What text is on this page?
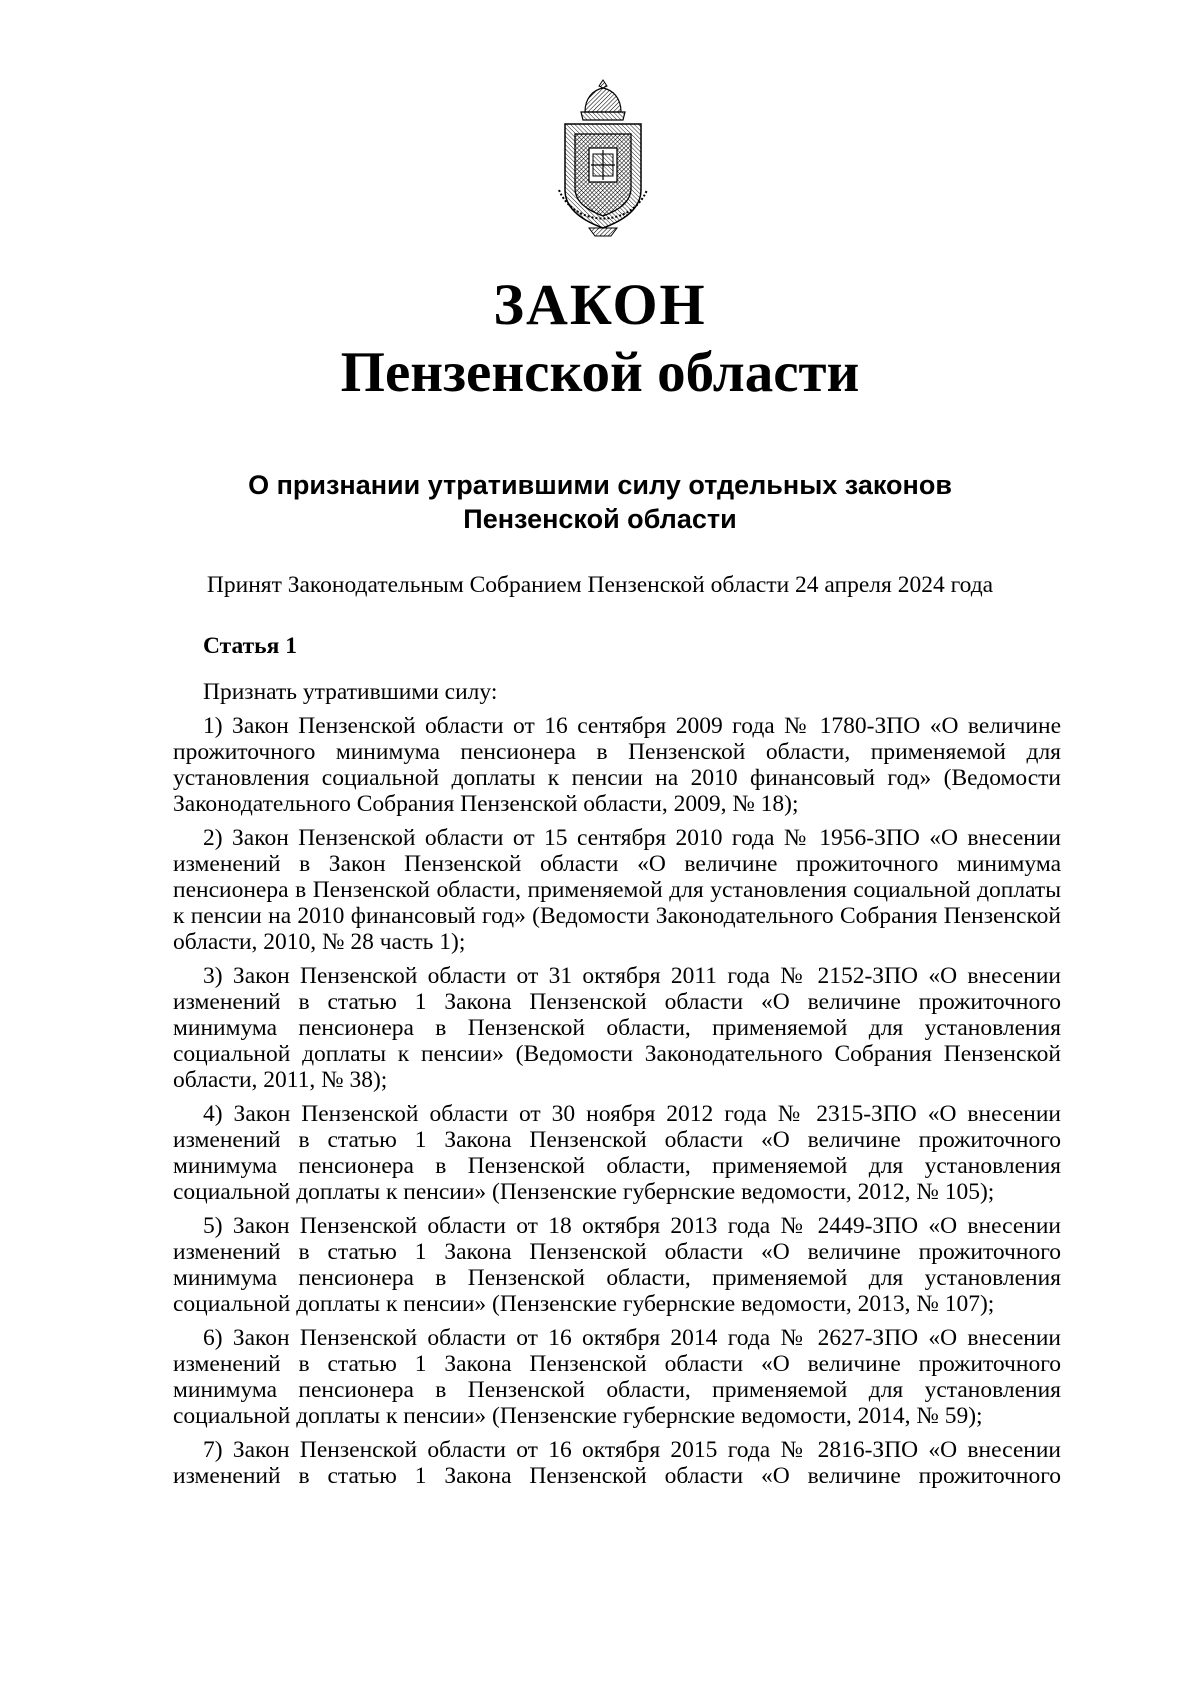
ЗАКОН
Пензенской области
О признании утратившими силу отдельных законов
Пензенской области

Принят Законодательным Собранием Пензенской области 24 апреля 2024 года

Статья 1

Признать утратившими силу:

1) Закон Пензенской области от 16 сентября 2009 года № 1780-ЗПО «О величине прожиточного минимума пенсионера в Пензенской области, применяемой для установления социальной доплаты к пенсии на 2010 финансовый год» (Ведомости Законодательного Собрания Пензенской области, 2009, № 18);

2) Закон Пензенской области от 15 сентября 2010 года № 1956-ЗПО «О внесении изменений в Закон Пензенской области «О величине прожиточного минимума пенсионера в Пензенской области, применяемой для установления социальной доплаты к пенсии на 2010 финансовый год» (Ведомости Законодательного Собрания Пензенской области, 2010, № 28 часть 1);

3) Закон Пензенской области от 31 октября 2011 года № 2152-ЗПО «О внесении изменений в статью 1 Закона Пензенской области «О величине прожиточного минимума пенсионера в Пензенской области, применяемой для установления социальной доплаты к пенсии» (Ведомости Законодательного Собрания Пензенской области, 2011, № 38);

4) Закон Пензенской области от 30 ноября 2012 года № 2315-ЗПО «О внесении изменений в статью 1 Закона Пензенской области «О величине прожиточного минимума пенсионера в Пензенской области, применяемой для установления социальной доплаты к пенсии» (Пензенские губернские ведомости, 2012, № 105);

5) Закон Пензенской области от 18 октября 2013 года № 2449-ЗПО «О внесении изменений в статью 1 Закона Пензенской области «О величине прожиточного минимума пенсионера в Пензенской области, применяемой для установления социальной доплаты к пенсии» (Пензенские губернские ведомости, 2013, № 107);

6) Закон Пензенской области от 16 октября 2014 года № 2627-ЗПО «О внесении изменений в статью 1 Закона Пензенской области «О величине прожиточного минимума пенсионера в Пензенской области, применяемой для установления социальной доплаты к пенсии» (Пензенские губернские ведомости, 2014, № 59);

7) Закон Пензенской области от 16 октября 2015 года № 2816-ЗПО «О внесении изменений в статью 1 Закона Пензенской области «О величине прожиточного
